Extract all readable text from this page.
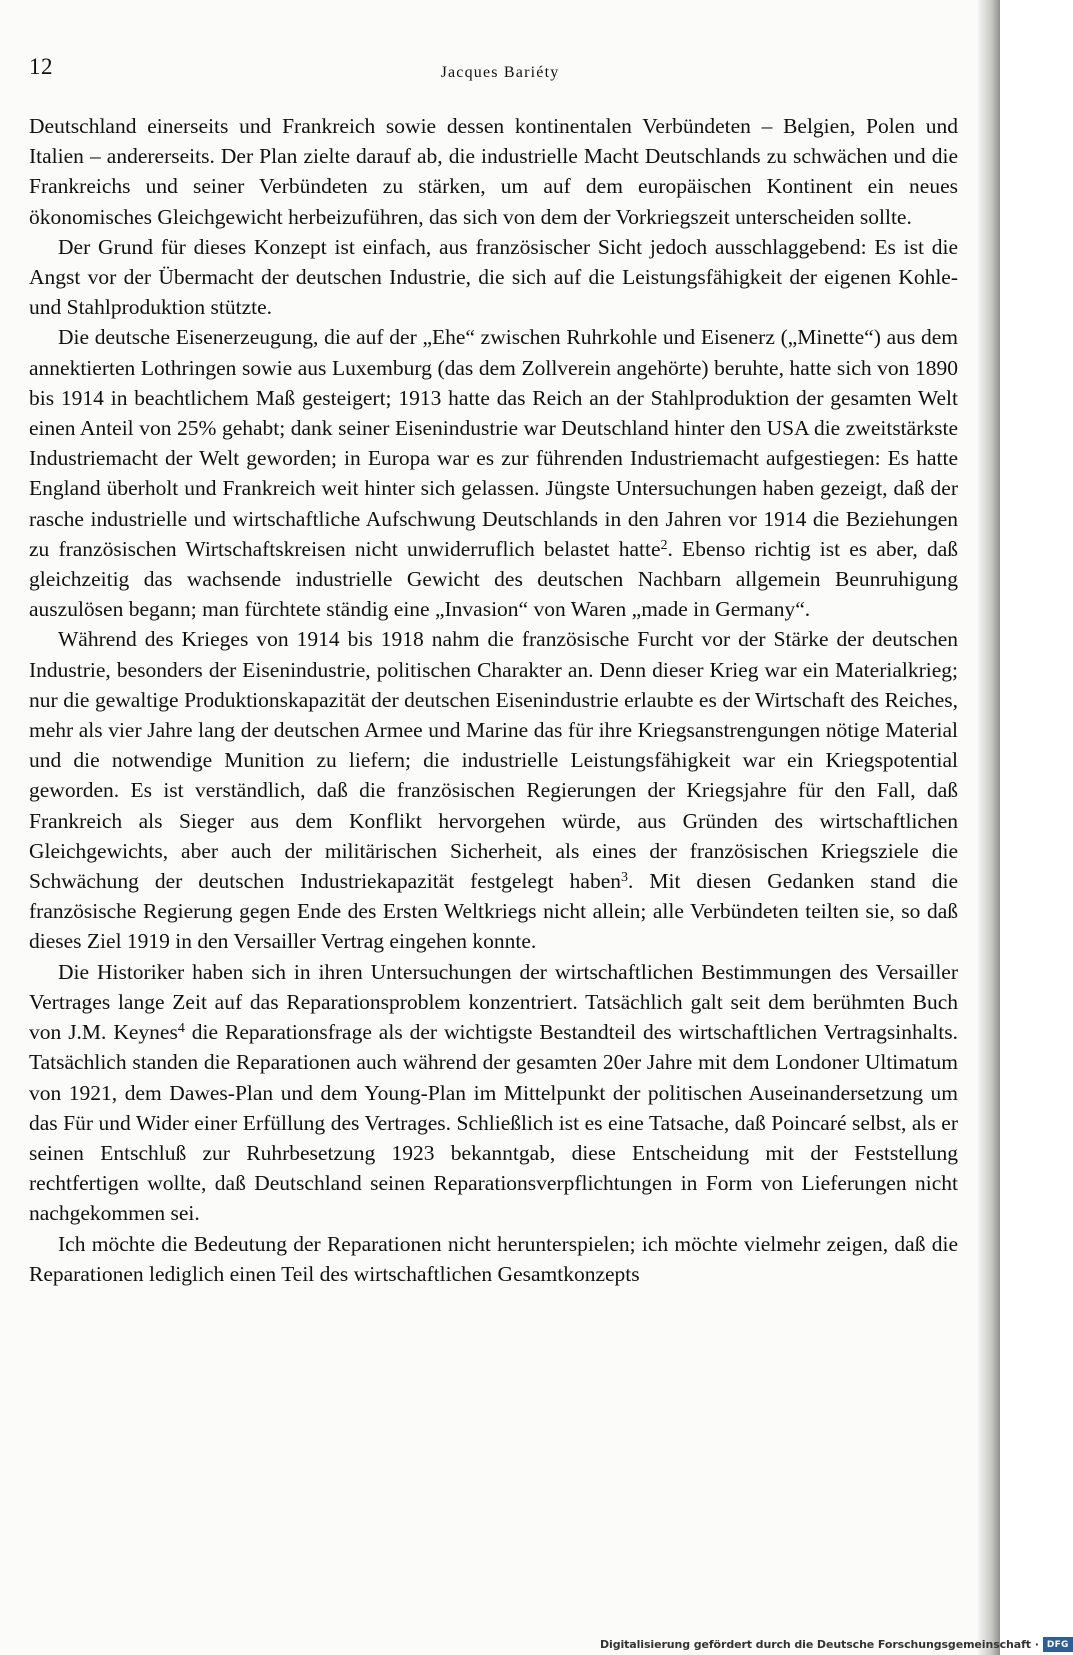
12	Jacques Bariéty

Deutschland einerseits und Frankreich sowie dessen kontinentalen Verbündeten – Belgien, Polen und Italien – andererseits. Der Plan zielte darauf ab, die industrielle Macht Deutschlands zu schwächen und die Frankreichs und seiner Verbündeten zu stärken, um auf dem europäischen Kontinent ein neues ökonomisches Gleichgewicht herbeizuführen, das sich von dem der Vorkriegszeit unterscheiden sollte.

Der Grund für dieses Konzept ist einfach, aus französischer Sicht jedoch ausschlaggebend: Es ist die Angst vor der Übermacht der deutschen Industrie, die sich auf die Leistungsfähigkeit der eigenen Kohle- und Stahlproduktion stützte.

Die deutsche Eisenerzeugung, die auf der „Ehe“ zwischen Ruhrkohle und Eisenerz („Minette“) aus dem annektierten Lothringen sowie aus Luxemburg (das dem Zollverein angehörte) beruhte, hatte sich von 1890 bis 1914 in beachtlichem Maß gesteigert; 1913 hatte das Reich an der Stahlproduktion der gesamten Welt einen Anteil von 25% gehabt; dank seiner Eisenindustrie war Deutschland hinter den USA die zweitstärkste Industriemacht der Welt geworden; in Europa war es zur führenden Industriemacht aufgestiegen: Es hatte England überholt und Frankreich weit hinter sich gelassen. Jüngste Untersuchungen haben gezeigt, daß der rasche industrielle und wirtschaftliche Aufschwung Deutschlands in den Jahren vor 1914 die Beziehungen zu französischen Wirtschaftskreisen nicht unwiderruflich belastet hatte$^2$. Ebenso richtig ist es aber, daß gleichzeitig das wachsende industrielle Gewicht des deutschen Nachbarn allgemein Beunruhigung auszulösen begann; man fürchtete ständig eine „Invasion“ von Waren „made in Germany“.

Während des Krieges von 1914 bis 1918 nahm die französische Furcht vor der Stärke der deutschen Industrie, besonders der Eisenindustrie, politischen Charakter an. Denn dieser Krieg war ein Materialkrieg; nur die gewaltige Produktionskapazität der deutschen Eisenindustrie erlaubte es der Wirtschaft des Reiches, mehr als vier Jahre lang der deutschen Armee und Marine das für ihre Kriegsanstrengungen nötige Material und die notwendige Munition zu liefern; die industrielle Leistungsfähigkeit war ein Kriegspotential geworden. Es ist verständlich, daß die französischen Regierungen der Kriegsjahre für den Fall, daß Frankreich als Sieger aus dem Konflikt hervorgehen würde, aus Gründen des wirtschaftlichen Gleichgewichts, aber auch der militärischen Sicherheit, als eines der französischen Kriegsziele die Schwächung der deutschen Industriekapazität festgelegt haben$^3$. Mit diesen Gedanken stand die französische Regierung gegen Ende des Ersten Weltkriegs nicht allein; alle Verbündeten teilten sie, so daß dieses Ziel 1919 in den Versailler Vertrag eingehen konnte.

Die Historiker haben sich in ihren Untersuchungen der wirtschaftlichen Bestimmungen des Versailler Vertrages lange Zeit auf das Reparationsproblem konzentriert. Tatsächlich galt seit dem berühmten Buch von J.M. Keynes$^4$ die Reparationsfrage als der wichtigste Bestandteil des wirtschaftlichen Vertragsinhalts. Tatsächlich standen die Reparationen auch während der gesamten 20er Jahre mit dem Londoner Ultimatum von 1921, dem Dawes-Plan und dem Young-Plan im Mittelpunkt der politischen Auseinandersetzung um das Für und Wider einer Erfüllung des Vertrages. Schließlich ist es eine Tatsache, daß Poincaré selbst, als er seinen Entschluß zur Ruhrbesetzung 1923 bekanntgab, diese Entscheidung mit der Feststellung rechtfertigen wollte, daß Deutschland seinen Reparationsverpflichtungen in Form von Lieferungen nicht nachgekommen sei.

Ich möchte die Bedeutung der Reparationen nicht herunterspielen; ich möchte vielmehr zeigen, daß die Reparationen lediglich einen Teil des wirtschaftlichen Gesamtkonzepts

Digitalisierung gefördert durch die Deutsche Forschungsgemeinschaft · DFG
